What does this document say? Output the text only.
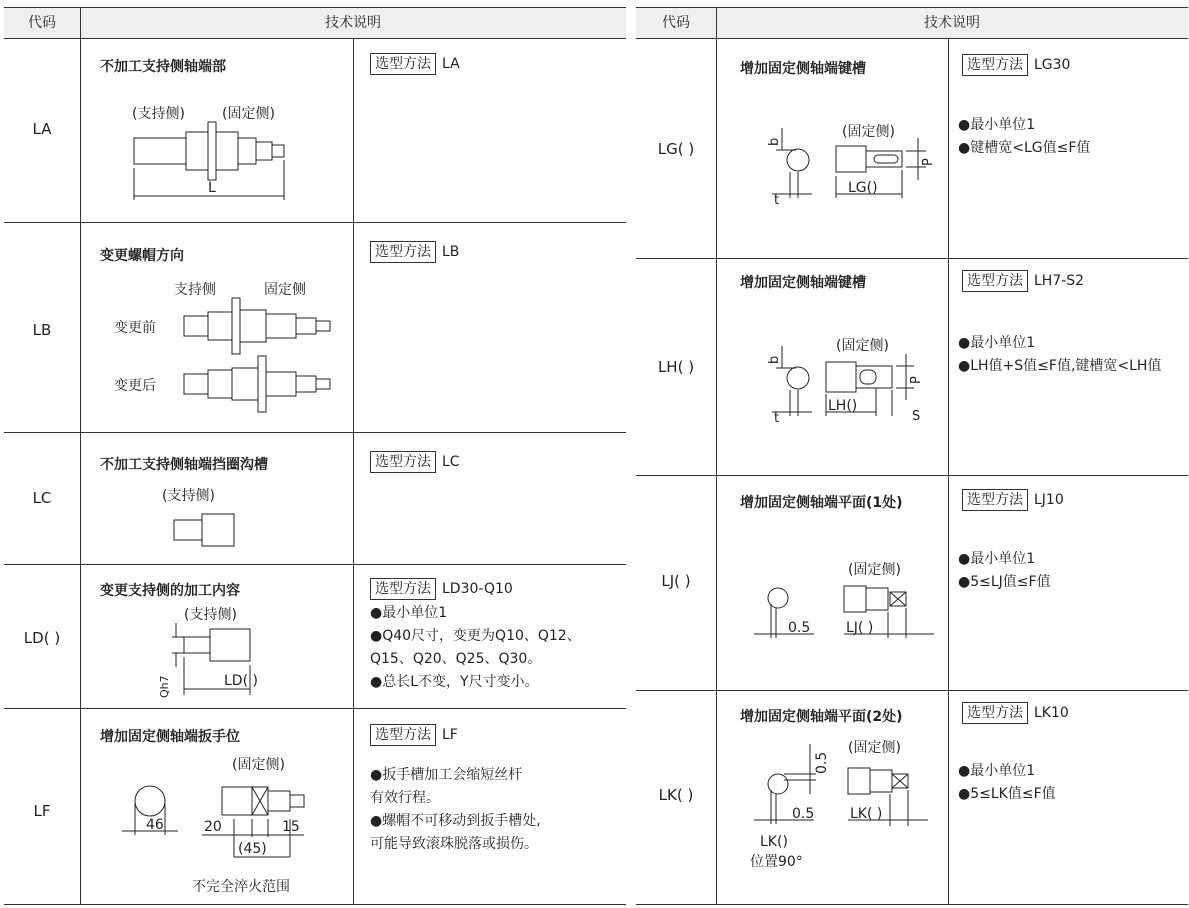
代码	技术说明
LA
不加工支持侧轴端部	选型方法 LA
(支持侧)	(固定侧)
L
LB
变更螺帽方向	选型方法 LB
支持侧	固定侧
变更前
变更后
LC
不加工支持侧轴端挡圈沟槽	选型方法 LC
(支持侧)
LD( )
变更支持侧的加工内容	选型方法 LD30-Q10
●最小单位1
●Q40尺寸，变更为Q10、Q12、
Q15、Q20、Q25、Q30。
●总长L不变，Y尺寸变小。
(支持侧)
LD( )
Qh7
LF
增加固定侧轴端扳手位	选型方法 LF
●扳手槽加工会缩短丝杆
有效行程。
●螺帽不可移动到扳手槽处,
可能导致滚珠脱落或损伤。
(固定侧)
46	20	15
(45)
不完全淬火范围
代码	技术说明
LG( )
增加固定侧轴端键槽	选型方法 LG30
●最小单位1
●键槽宽<LG值≤F值
(固定侧)
b
t
P
LG()
LH( )
增加固定侧轴端键槽	选型方法 LH7-S2
●最小单位1
●LH值+S值≤F值,键槽宽<LH值
(固定侧)
b
t
P
S
LH()
LJ( )
增加固定侧轴端平面(1处)	选型方法 LJ10
●最小单位1
●5≤LJ值≤F值
(固定侧)
0.5	LJ( )
LK( )
增加固定侧轴端平面(2处)	选型方法 LK10
●最小单位1
●5≤LK值≤F值
(固定侧)
0.5
0.5	LK( )
LK()
位置90°
